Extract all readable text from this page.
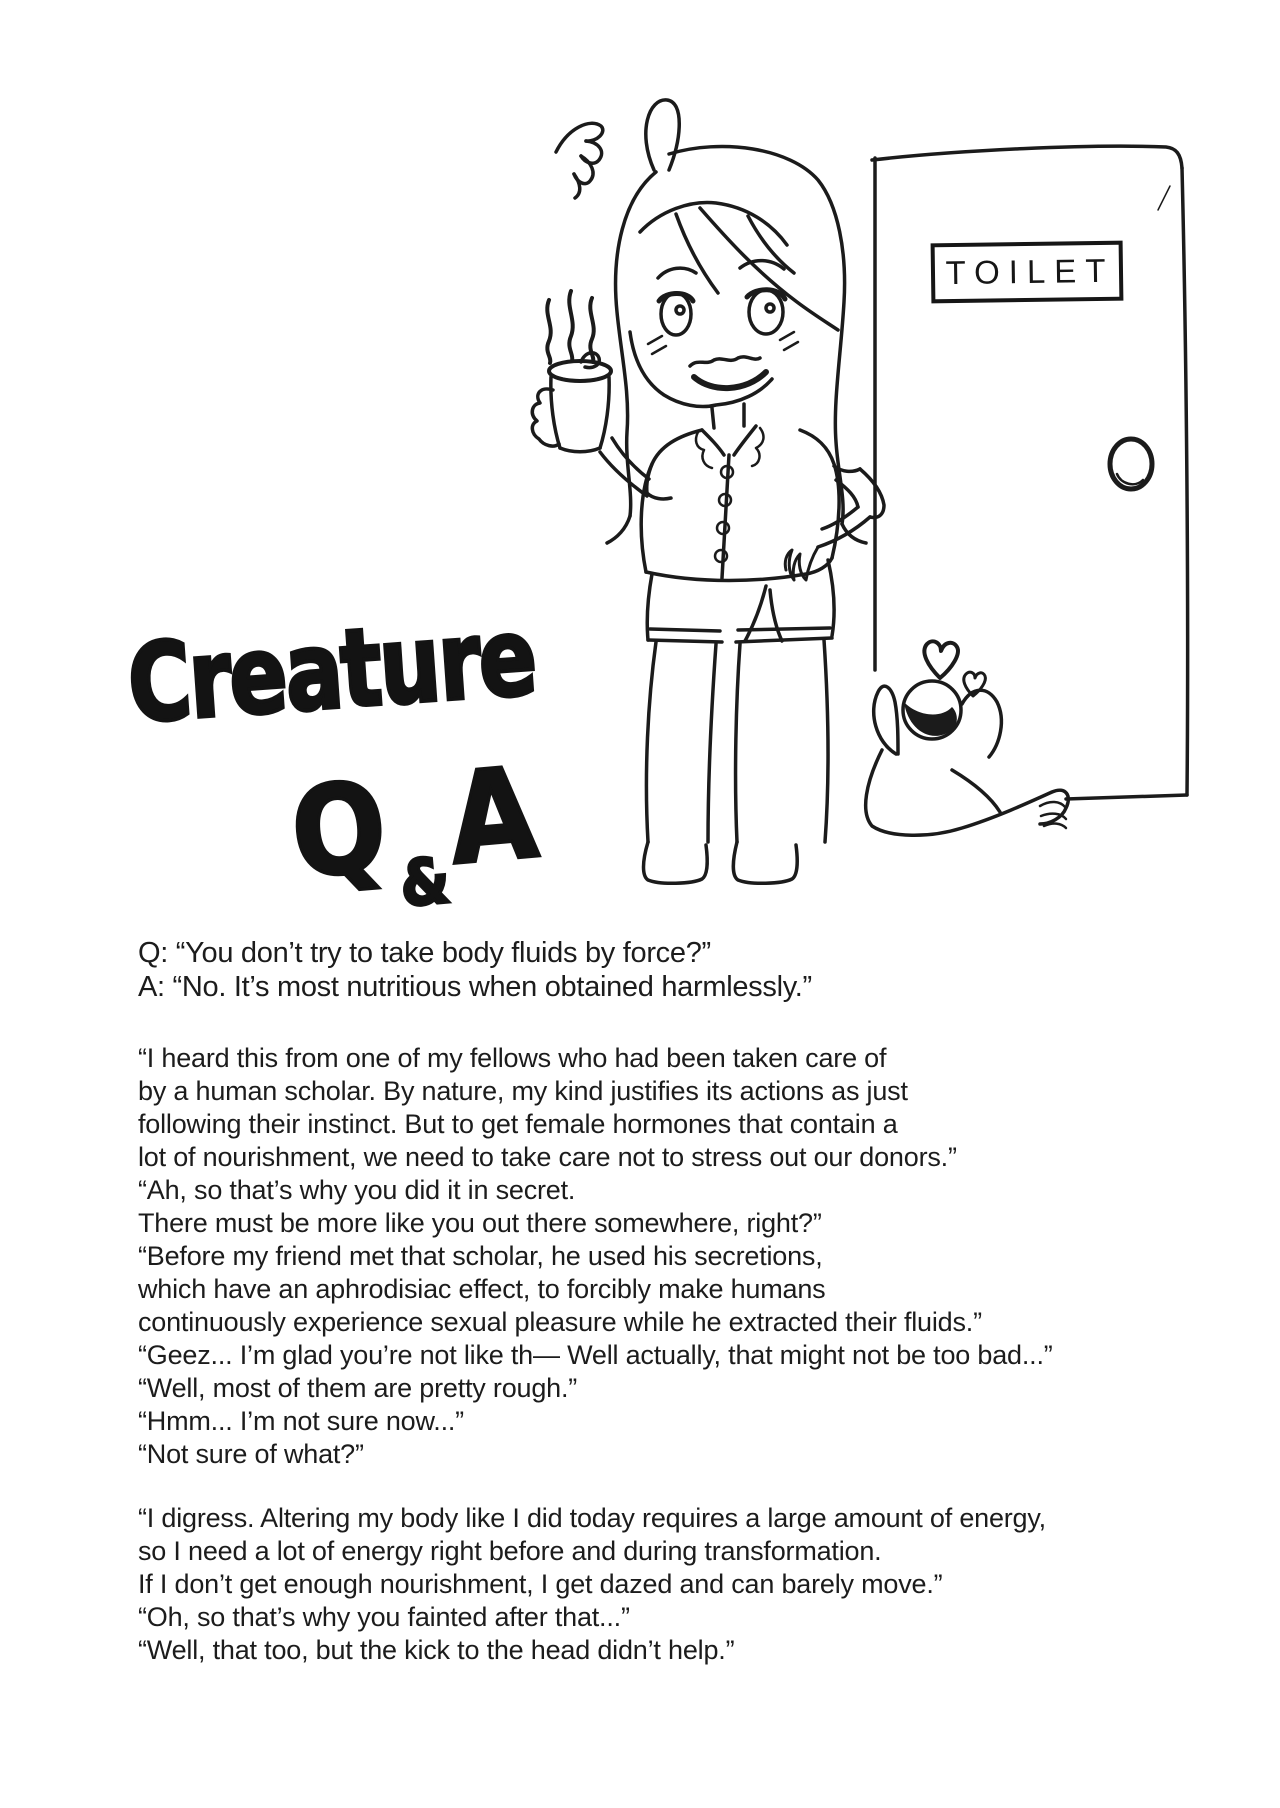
TOILET
Creature
Q &A
Q: “You don’t try to take body fluids by force?”
A: “No. It’s most nutritious when obtained harmlessly.”
“I heard this from one of my fellows who had been taken care of
by a human scholar. By nature, my kind justifies its actions as just
following their instinct. But to get female hormones that contain a
lot of nourishment, we need to take care not to stress out our donors.”
“Ah, so that’s why you did it in secret.
There must be more like you out there somewhere, right?”
“Before my friend met that scholar, he used his secretions,
which have an aphrodisiac effect, to forcibly make humans
continuously experience sexual pleasure while he extracted their fluids.”
“Geez... I’m glad you’re not like th— Well actually, that might not be too bad...”
“Well, most of them are pretty rough.”
“Hmm... I’m not sure now...”
“Not sure of what?”
“I digress. Altering my body like I did today requires a large amount of energy,
so I need a lot of energy right before and during transformation.
If I don’t get enough nourishment, I get dazed and can barely move.”
“Oh, so that’s why you fainted after that...”
“Well, that too, but the kick to the head didn’t help.”
